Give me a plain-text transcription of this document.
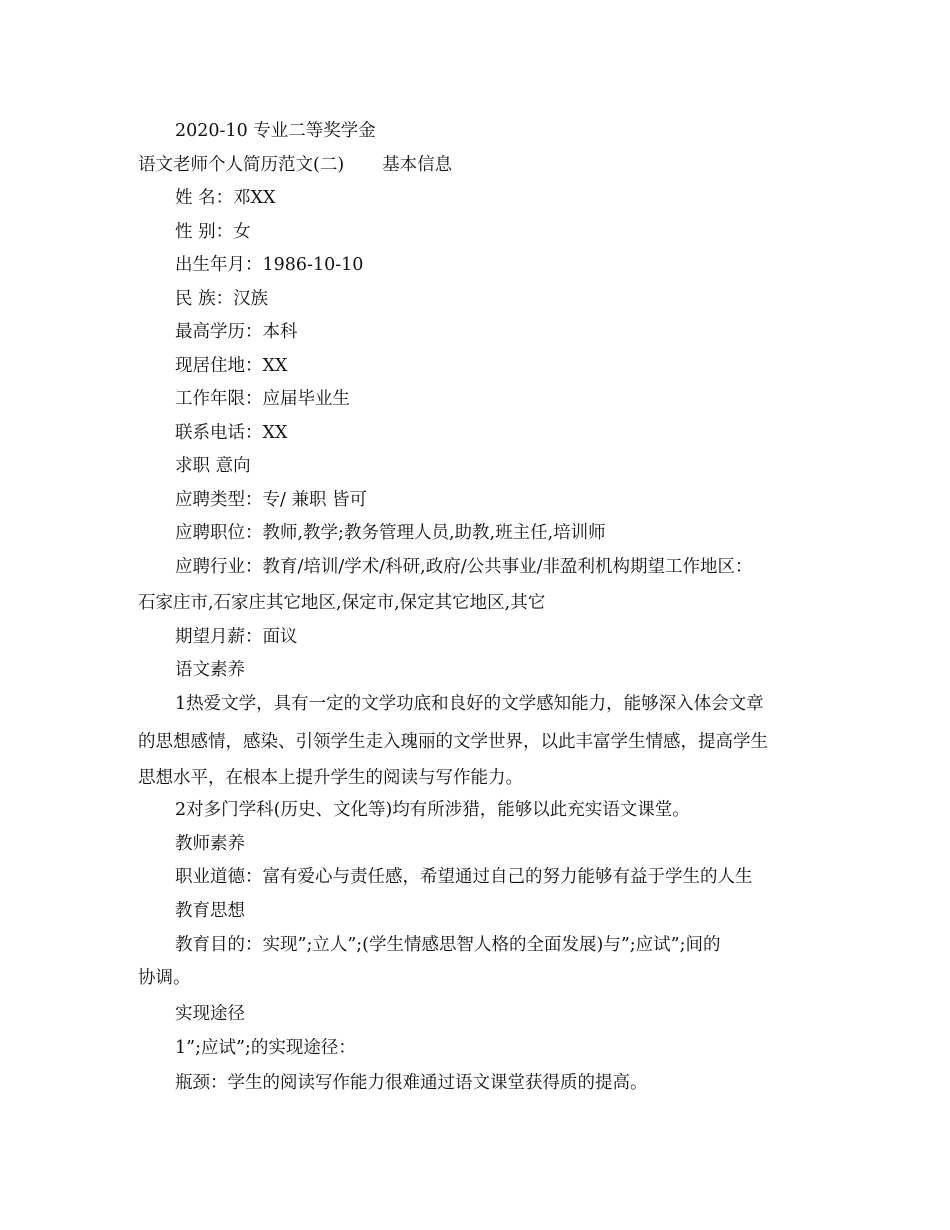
2020-10 专业二等奖学金
语文老师个人简历范文(二) 基本信息
姓 名：邓XX
性 别：女
出生年月：1986-10-10
民 族：汉族
最高学历：本科
现居住地：XX
工作年限：应届毕业生
联系电话：XX
求职 意向
应聘类型：专/ 兼职 皆可
应聘职位：教师,教学;教务管理人员,助教,班主任,培训师
应聘行业：教育/培训/学术/科研,政府/公共事业/非盈利机构期望工作地区：
石家庄市,石家庄其它地区,保定市,保定其它地区,其它
期望月薪：面议
语文素养
1热爱文学，具有一定的文学功底和良好的文学感知能力，能够深入体会文章
的思想感情，感染、引领学生走入瑰丽的文学世界，以此丰富学生情感，提高学生
思想水平，在根本上提升学生的阅读与写作能力。
2对多门学科(历史、文化等)均有所涉猎，能够以此充实语文课堂。
教师素养
职业道德：富有爱心与责任感，希望通过自己的努力能够有益于学生的人生
教育思想
教育目的：实现”;立人”;(学生情感思智人格的全面发展)与”;应试”;间的
协调。
实现途径
1”;应试”;的实现途径：
瓶颈：学生的阅读写作能力很难通过语文课堂获得质的提高。
